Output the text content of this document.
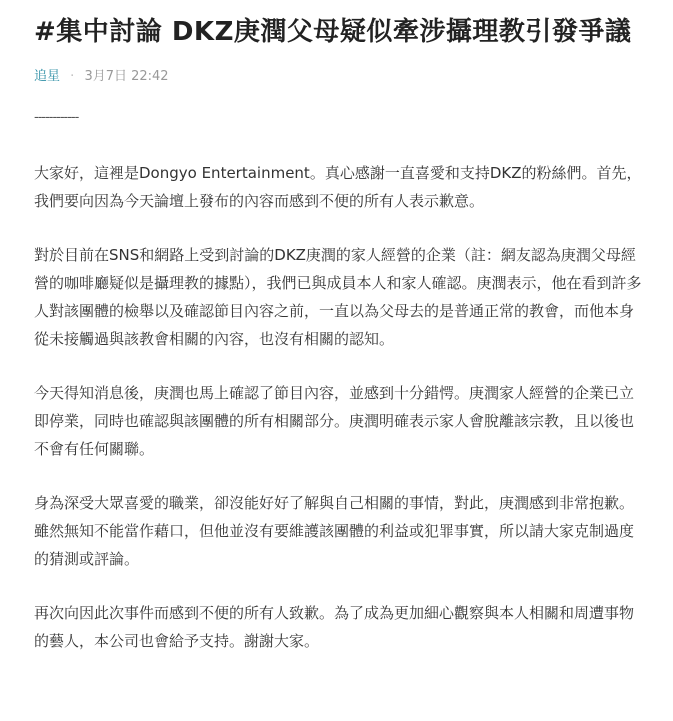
#集中討論 DKZ庚潤父母疑似牽涉攝理教引發爭議
追星 · 3月7日 22:42
------------

大家好，這裡是Dongyo Entertainment。真心感謝一直喜愛和支持DKZ的粉絲們。首先，我們要向因為今天論壇上發布的內容而感到不便的所有人表示歉意。

對於目前在SNS和網路上受到討論的DKZ庚潤的家人經營的企業（註：網友認為庚潤父母經營的咖啡廳疑似是攝理教的據點），我們已與成員本人和家人確認。庚潤表示，他在看到許多人對該團體的檢舉以及確認節目內容之前，一直以為父母去的是普通正常的教會，而他本身從未接觸過與該教會相關的內容，也沒有相關的認知。

今天得知消息後，庚潤也馬上確認了節目內容，並感到十分錯愕。庚潤家人經營的企業已立即停業，同時也確認與該團體的所有相關部分。庚潤明確表示家人會脫離該宗教，且以後也不會有任何關聯。

身為深受大眾喜愛的職業，卻沒能好好了解與自己相關的事情，對此，庚潤感到非常抱歉。雖然無知不能當作藉口，但他並沒有要維護該團體的利益或犯罪事實，所以請大家克制過度的猜測或評論。

再次向因此次事件而感到不便的所有人致歉。為了成為更加細心觀察與本人相關和周遭事物的藝人，本公司也會給予支持。謝謝大家。
